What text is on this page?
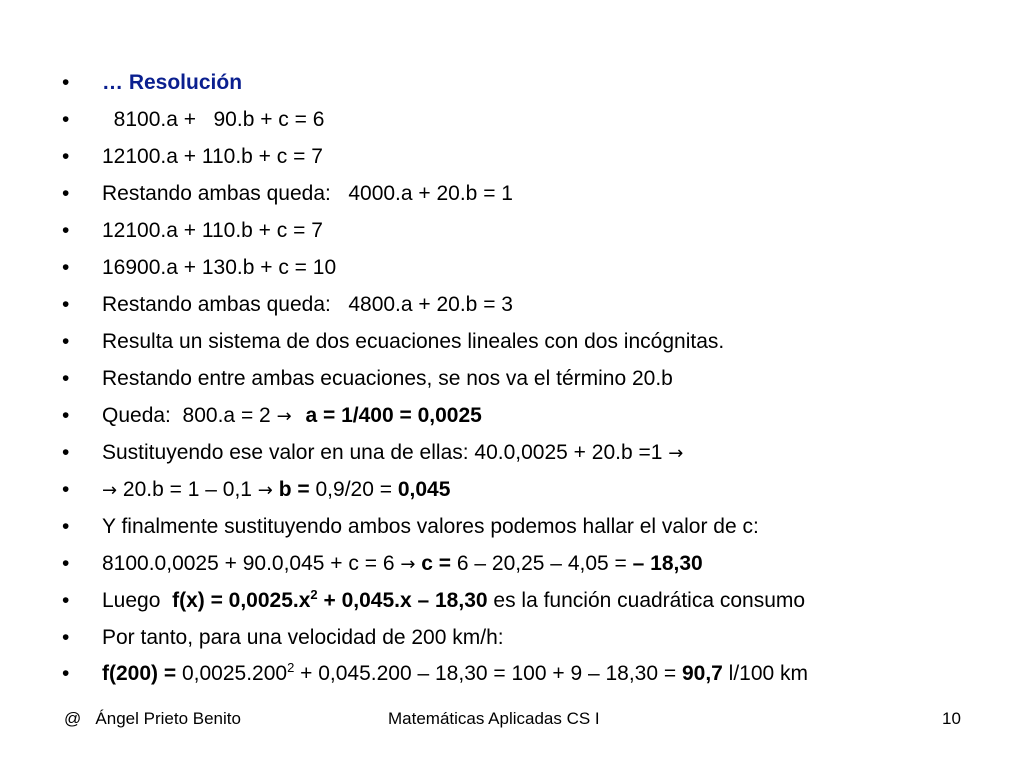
•	… Resolución
•	8100.a +   90.b + c = 6
•	12100.a + 110.b + c = 7
•	Restando ambas queda:   4000.a + 20.b = 1
•	12100.a + 110.b + c = 7
•	16900.a + 130.b + c = 10
•	Restando ambas queda:   4800.a + 20.b = 3
•	Resulta un sistema de dos ecuaciones lineales con dos incógnitas.
•	Restando entre ambas ecuaciones, se nos va el término 20.b
•	Queda:  800.a = 2 → a = 1/400 = 0,0025
•	Sustituyendo ese valor en una de ellas: 40.0,0025 + 20.b =1 →
•	→ 20.b = 1 – 0,1 → b = 0,9/20 = 0,045
•	Y finalmente sustituyendo ambos valores podemos hallar el valor de c:
•	8100.0,0025 + 90.0,045 + c = 6 → c = 6 – 20,25 – 4,05 = – 18,30
•	Luego  $f(x) = 0,0025.x^2 + 0,045.x - 18,30$ es la función cuadrática consumo
•	Por tanto, para una velocidad de 200 km/h:
•	$f(200) = 0,0025.200^2 + 0,045.200 - 18,30 = 100 + 9 - 18,30 = 90,7$ l/100 km
@   Ángel Prieto Benito	Matemáticas Aplicadas CS I	10
